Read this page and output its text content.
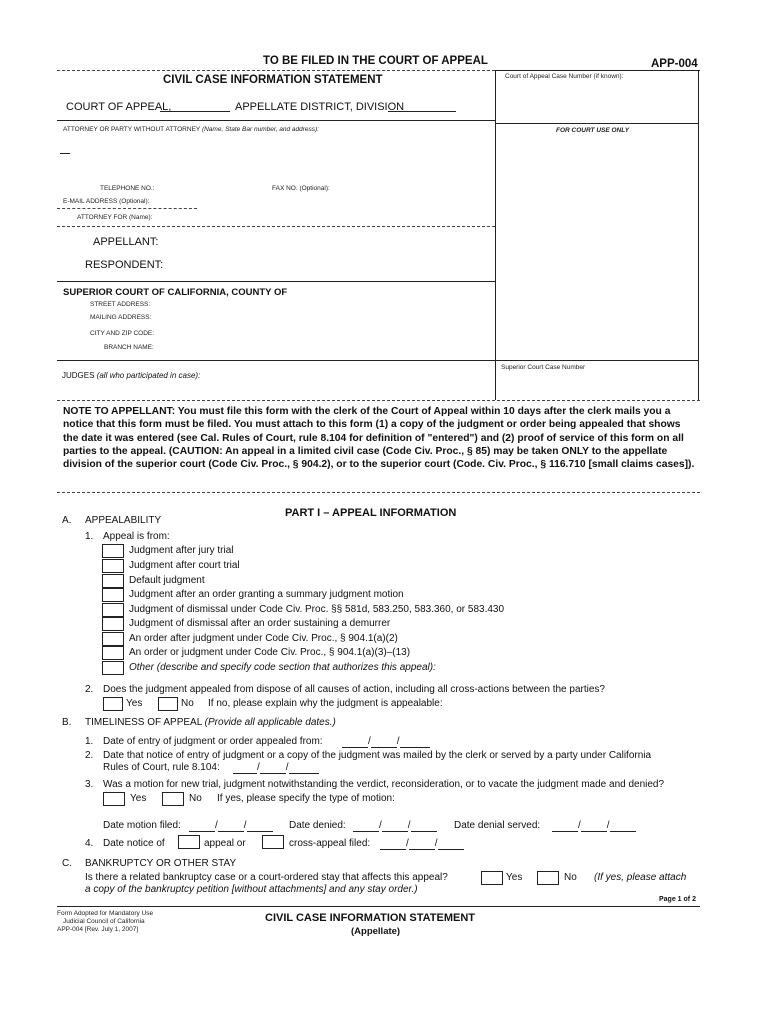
TO BE FILED IN THE COURT OF APPEAL	APP-004
Court of Appeal Case Number (if known):
FOR COURT USE ONLY
Superior Court Case Number
CIVIL CASE INFORMATION STATEMENT
COURT OF APPEAL,	APPELLATE DISTRICT, DIVISION
ATTORNEY OR PARTY WITHOUT ATTORNEY (Name, State Bar number, and address):
TELEPHONE NO.:	FAX NO. (Optional):
E-MAIL ADDRESS (Optional):
ATTORNEY FOR (Name):
APPELLANT:
RESPONDENT:
SUPERIOR COURT OF CALIFORNIA, COUNTY OF
STREET ADDRESS:
MAILING ADDRESS:
CITY AND ZIP CODE:
BRANCH NAME:
JUDGES (all who participated in case):
NOTE TO APPELLANT: You must file this form with the clerk of the Court of Appeal within 10 days after the clerk mails you a notice that this form must be filed. You must attach to this form (1) a copy of the judgment or order being appealed that shows the date it was entered (see Cal. Rules of Court, rule 8.104 for definition of "entered") and (2) proof of service of this form on all parties to the appeal. (CAUTION: An appeal in a limited civil case (Code Civ. Proc., § 85) may be taken ONLY to the appellate division of the superior court (Code Civ. Proc., § 904.2), or to the superior court (Code. Civ. Proc., § 116.710 [small claims cases]).
PART I – APPEAL INFORMATION
A. APPEALABILITY
1. Appeal is from:
Judgment after jury trial
Judgment after court trial
Default judgment
Judgment after an order granting a summary judgment motion
Judgment of dismissal under Code Civ. Proc. §§ 581d, 583.250, 583.360, or 583.430
Judgment of dismissal after an order sustaining a demurrer
An order after judgment under Code Civ. Proc., § 904.1(a)(2)
An order or judgment under Code Civ. Proc., § 904.1(a)(3)–(13)
Other (describe and specify code section that authorizes this appeal):
2. Does the judgment appealed from dispose of all causes of action, including all cross-actions between the parties?
Yes	No If no, please explain why the judgment is appealable:
B. TIMELINESS OF APPEAL (Provide all applicable dates.)
1. Date of entry of judgment or order appealed from:	/	/
2. Date that notice of entry of judgment or a copy of the judgment was mailed by the clerk or served by a party under California
Rules of Court, rule 8.104:	/	/
3. Was a motion for new trial, judgment notwithstanding the verdict, reconsideration, or to vacate the judgment made and denied?
Yes	No If yes, please specify the type of motion:
Date motion filed:	/	/	Date denied:	/	/	Date denial served:	/	/
4. Date notice of	appeal or	cross-appeal filed:	/	/
C. BANKRUPTCY OR OTHER STAY
Is there a related bankruptcy case or a court-ordered stay that affects this appeal?	Yes	No (If yes, please attach
a copy of the bankruptcy petition [without attachments] and any stay order.)
Page 1 of 2
Form Adopted for Mandatory Use
Judicial Council of California
APP-004 [Rev. July 1, 2007]
CIVIL CASE INFORMATION STATEMENT
(Appellate)
